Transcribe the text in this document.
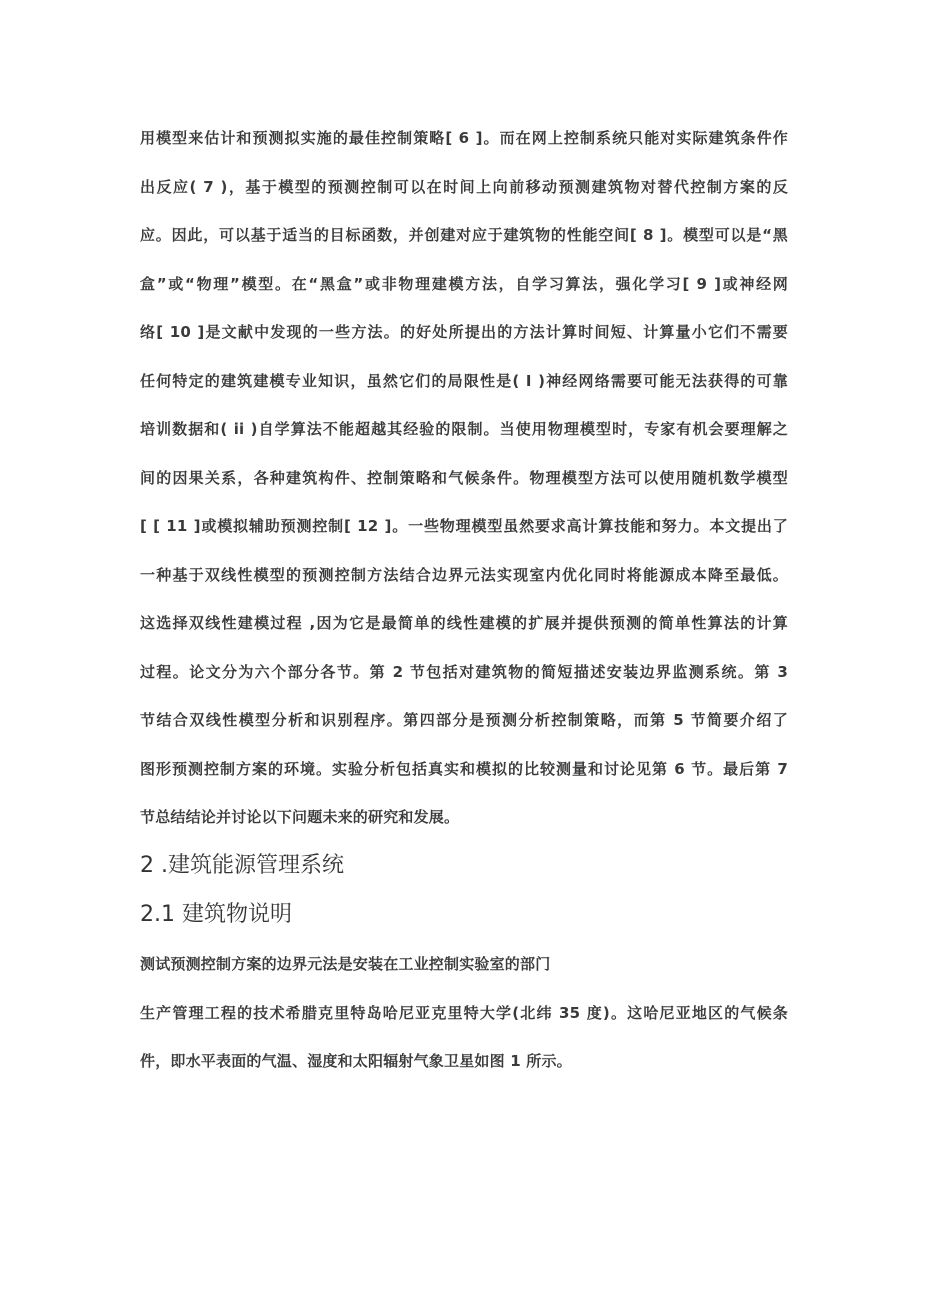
用模型来估计和预测拟实施的最佳控制策略[ 6 ]。而在网上控制系统只能对实际建筑条件作
出反应( 7 )，基于模型的预测控制可以在时间上向前移动预测建筑物对替代控制方案的反
应。因此，可以基于适当的目标函数，并创建对应于建筑物的性能空间[ 8 ]。模型可以是“黑
盒”或“物理”模型。在“黑盒”或非物理建模方法，自学习算法，强化学习[ 9 ]或神经网
络[ 10 ]是文献中发现的一些方法。的好处所提出的方法计算时间短、计算量小它们不需要
任何特定的建筑建模专业知识，虽然它们的局限性是( I )神经网络需要可能无法获得的可靠
培训数据和( ii )自学算法不能超越其经验的限制。当使用物理模型时，专家有机会要理解之
间的因果关系，各种建筑构件、控制策略和气候条件。物理模型方法可以使用随机数学模型
[ [ 11 ]或模拟辅助预测控制[ 12 ]。一些物理模型虽然要求高计算技能和努力。本文提出了
一种基于双线性模型的预测控制方法结合边界元法实现室内优化同时将能源成本降至最低。
这选择双线性建模过程 ,因为它是最简单的线性建模的扩展并提供预测的简单性算法的计算
过程。论文分为六个部分各节。第 2 节包括对建筑物的简短描述安装边界监测系统。第 3
节结合双线性模型分析和识别程序。第四部分是预测分析控制策略，而第 5 节简要介绍了
图形预测控制方案的环境。实验分析包括真实和模拟的比较测量和讨论见第 6 节。最后第 7
节总结结论并讨论以下问题未来的研究和发展。
2 .建筑能源管理系统
2.1 建筑物说明
测试预测控制方案的边界元法是安装在工业控制实验室的部门
生产管理工程的技术希腊克里特岛哈尼亚克里特大学(北纬 35 度)。这哈尼亚地区的气候条
件，即水平表面的气温、湿度和太阳辐射气象卫星如图 1 所示。
